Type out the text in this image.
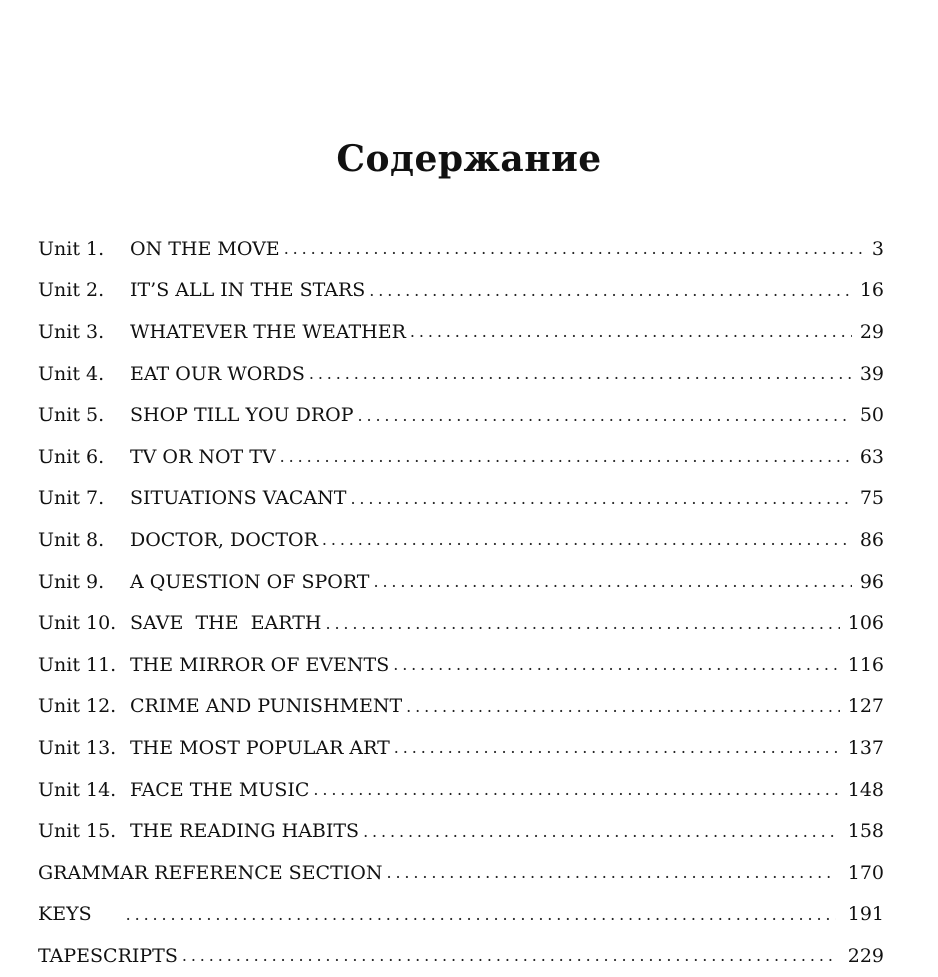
Содержание
Unit 1.	ON THE MOVE . . .	3
Unit 2.	IT’S ALL IN THE STARS . . .	16
Unit 3.	WHATEVER THE WEATHER . . .	29
Unit 4.	EAT OUR WORDS . . .	39
Unit 5.	SHOP TILL YOU DROP . . .	50
Unit 6.	TV OR NOT TV . . .	63
Unit 7.	SITUATIONS VACANT . . .	75
Unit 8.	DOCTOR, DOCTOR . . .	86
Unit 9.	A QUESTION OF SPORT . . .	96
Unit 10. SAVE  THE  EARTH . . .	106
Unit 11. THE MIRROR OF EVENTS . . .	116
Unit 12. CRIME AND PUNISHMENT . . .	127
Unit 13. THE MOST POPULAR ART . . .	137
Unit 14. FACE THE MUSIC . . .	148
Unit 15. THE READING HABITS . . .	158
GRAMMAR REFERENCE SECTION . . .	170
KEYS . . .	191
TAPESCRIPTS . . .	229
